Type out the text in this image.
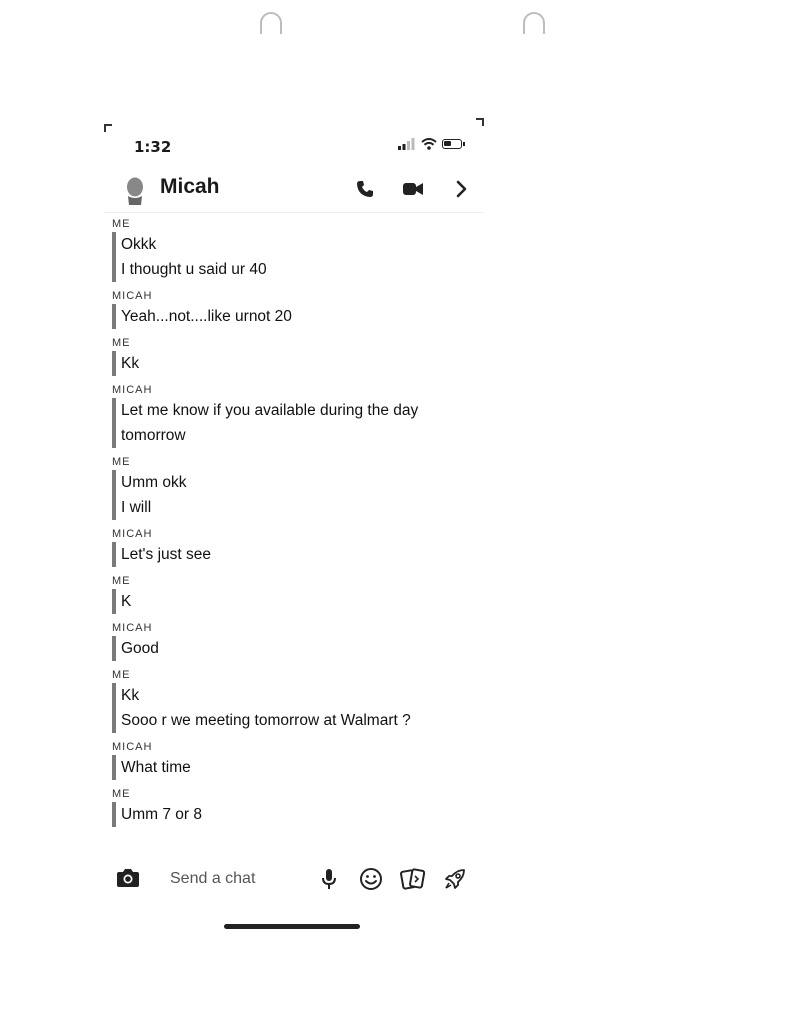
1:32
Micah
ME
Okkk
I thought u said ur 40
MICAH
Yeah...not....like urnot 20
ME
Kk
MICAH
Let me know if you available during the day
tomorrow
ME
Umm okk
I will
MICAH
Let's just see
ME
K
MICAH
Good
ME
Kk
Sooo r we meeting tomorrow at Walmart ?
MICAH
What time
ME
Umm 7 or 8
Send a chat
